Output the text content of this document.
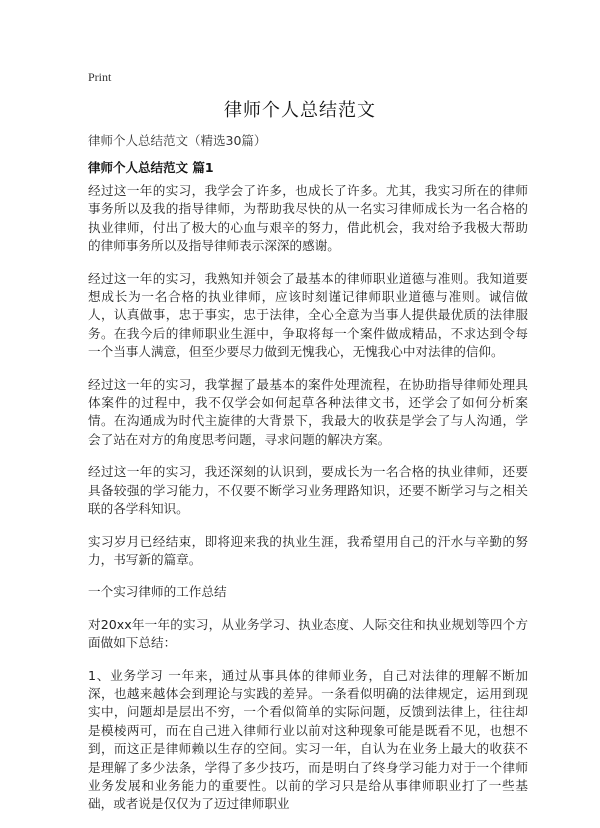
Print
律师个人总结范文
律师个人总结范文（精选30篇）
律师个人总结范文 篇1

经过这一年的实习，我学会了许多，也成长了许多。尤其，我实习所在的律师事务所以及我的指导律师，为帮助我尽快的从一名实习律师成长为一名合格的执业律师，付出了极大的心血与艰辛的努力，借此机会，我对给予我极大帮助的律师事务所以及指导律师表示深深的感谢。

经过这一年的实习，我熟知并领会了最基本的律师职业道德与准则。我知道要想成长为一名合格的执业律师，应该时刻谨记律师职业道德与准则。诚信做人，认真做事，忠于事实，忠于法律，全心全意为当事人提供最优质的法律服务。在我今后的律师职业生涯中，争取将每一个案件做成精品，不求达到令每一个当事人满意，但至少要尽力做到无愧我心，无愧我心中对法律的信仰。

经过这一年的实习，我掌握了最基本的案件处理流程，在协助指导律师处理具体案件的过程中，我不仅学会如何起草各种法律文书，还学会了如何分析案情。在沟通成为时代主旋律的大背景下，我最大的收获是学会了与人沟通，学会了站在对方的角度思考问题，寻求问题的解决方案。

经过这一年的实习，我还深刻的认识到，要成长为一名合格的执业律师，还要具备较强的学习能力，不仅要不断学习业务理路知识，还要不断学习与之相关联的各学科知识。

实习岁月已经结束，即将迎来我的执业生涯，我希望用自己的汗水与辛勤的努力，书写新的篇章。

一个实习律师的工作总结

对20xx年一年的实习，从业务学习、执业态度、人际交往和执业规划等四个方面做如下总结：

1、业务学习 一年来，通过从事具体的律师业务，自己对法律的理解不断加深，也越来越体会到理论与实践的差异。一条看似明确的法律规定，运用到现实中，问题却是层出不穷，一个看似简单的实际问题，反馈到法律上，往往却是模棱两可，而在自己进入律师行业以前对这种现象可能是既看不见，也想不到，而这正是律师赖以生存的空间。实习一年，自认为在业务上最大的收获不是理解了多少法条，学得了多少技巧，而是明白了终身学习能力对于一个律师业务发展和业务能力的重要性。以前的学习只是给从事律师职业打了一些基础，或者说是仅仅为了迈过律师职业
